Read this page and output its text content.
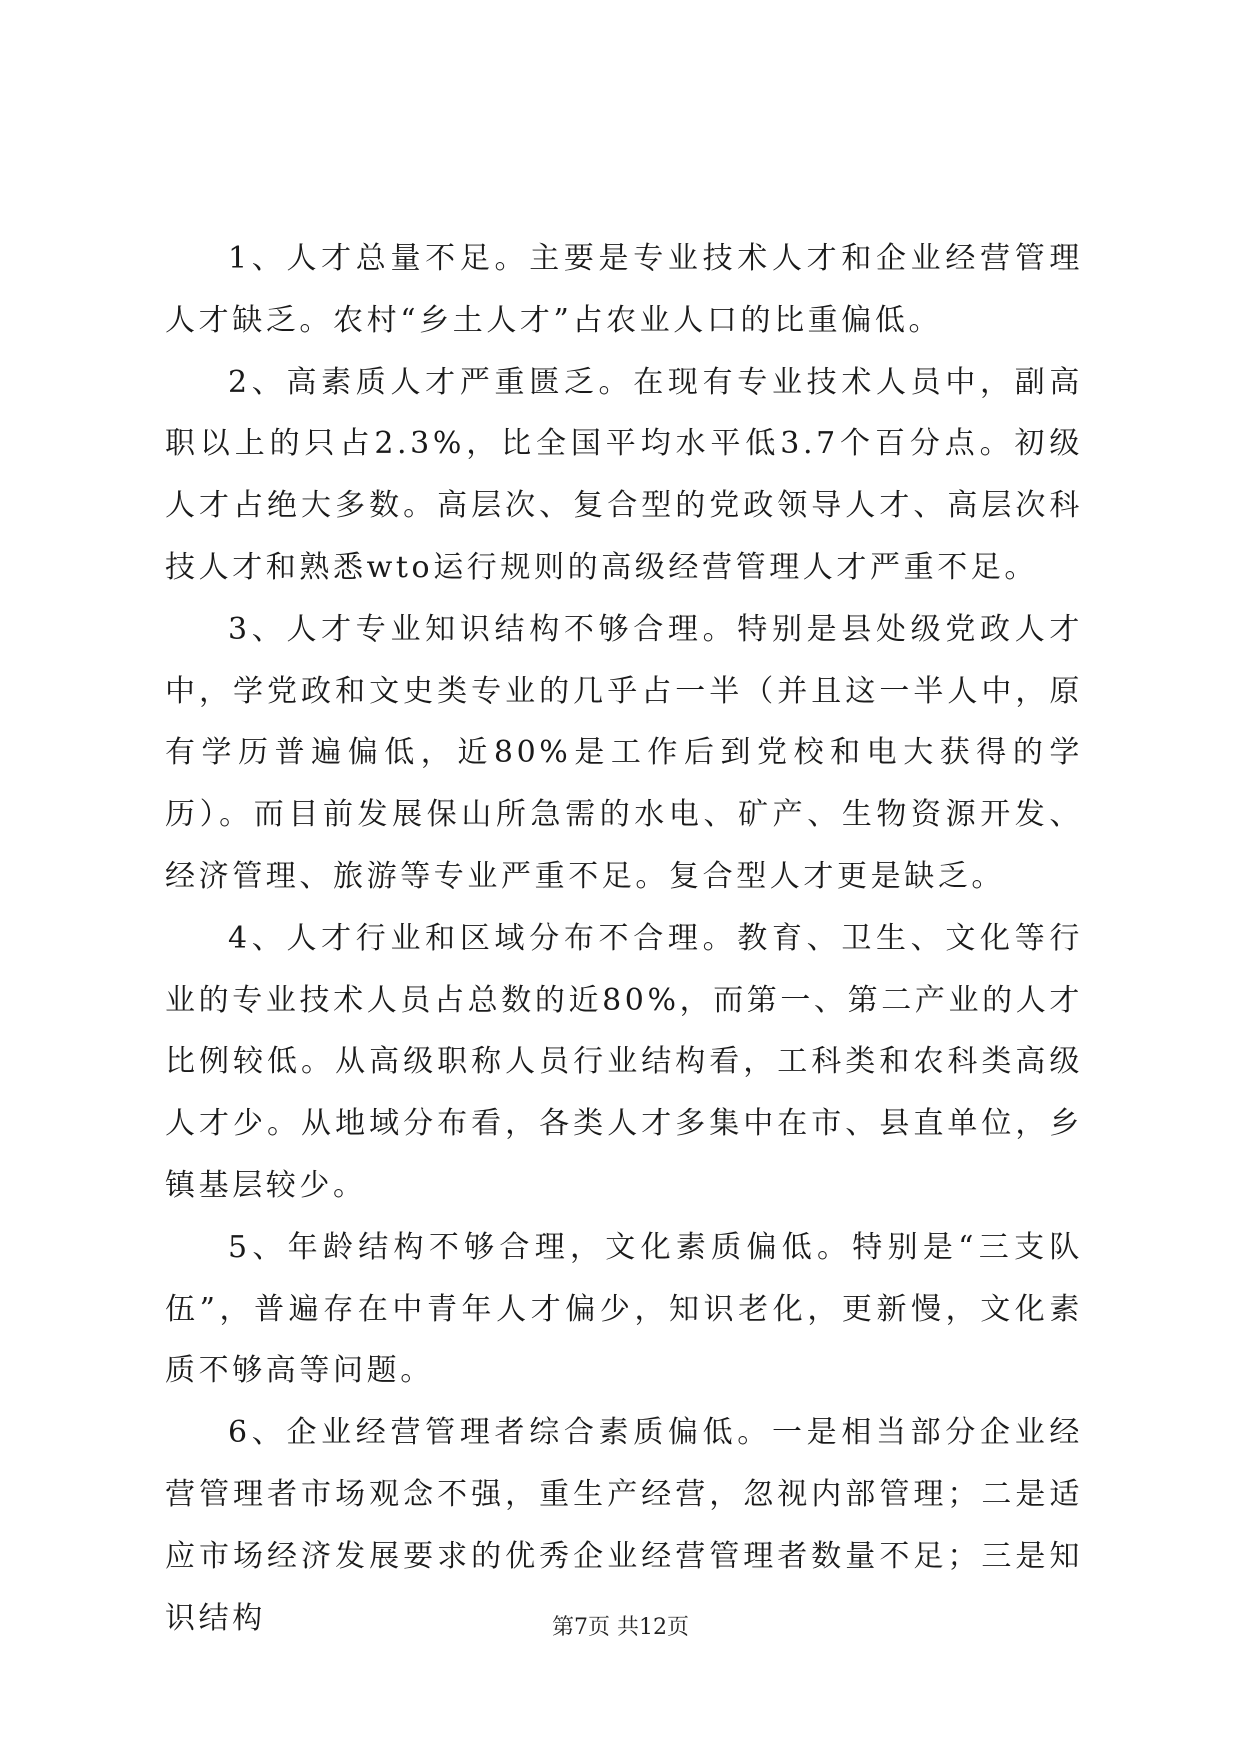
1、人才总量不足。主要是专业技术人才和企业经营管理人才缺乏。农村“乡土人才”占农业人口的比重偏低。

2、高素质人才严重匮乏。在现有专业技术人员中，副高职以上的只占2.3%，比全国平均水平低3.7个百分点。初级人才占绝大多数。高层次、复合型的党政领导人才、高层次科技人才和熟悉wto运行规则的高级经营管理人才严重不足。

3、人才专业知识结构不够合理。特别是县处级党政人才中，学党政和文史类专业的几乎占一半（并且这一半人中，原有学历普遍偏低，近80%是工作后到党校和电大获得的学历）。而目前发展保山所急需的水电、矿产、生物资源开发、经济管理、旅游等专业严重不足。复合型人才更是缺乏。

4、人才行业和区域分布不合理。教育、卫生、文化等行业的专业技术人员占总数的近80%，而第一、第二产业的人才比例较低。从高级职称人员行业结构看，工科类和农科类高级人才少。从地域分布看，各类人才多集中在市、县直单位，乡镇基层较少。

5、年龄结构不够合理，文化素质偏低。特别是“三支队伍”，普遍存在中青年人才偏少，知识老化，更新慢，文化素质不够高等问题。

6、企业经营管理者综合素质偏低。一是相当部分企业经营管理者市场观念不强，重生产经营，忽视内部管理；二是适应市场经济发展要求的优秀企业经营管理者数量不足；三是知识结构	第7页 共12页
